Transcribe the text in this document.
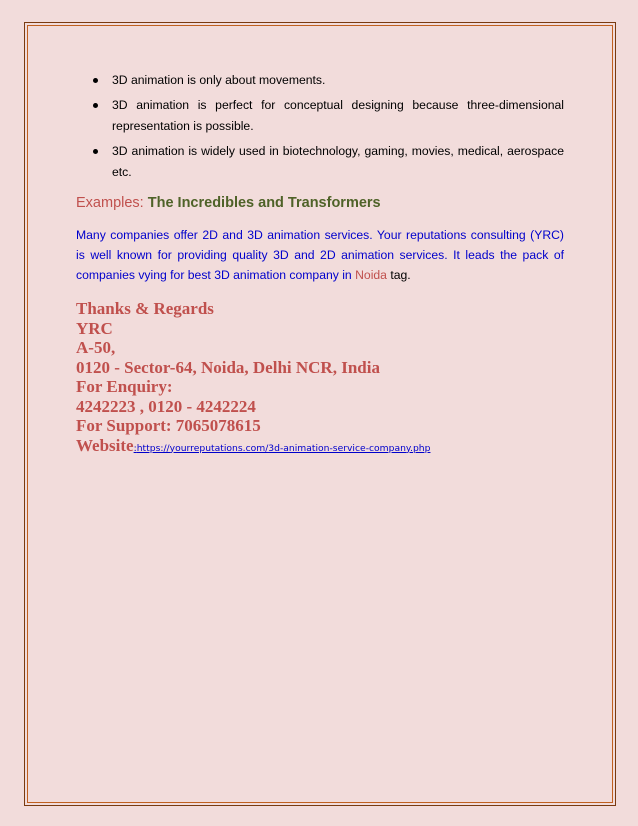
3D animation is only about movements.
3D animation is perfect for conceptual designing because three-dimensional representation is possible.
3D animation is widely used in biotechnology, gaming, movies, medical, aerospace etc.
Examples: The Incredibles and Transformers
Many companies offer 2D and 3D animation services. Your reputations consulting (YRC) is well known for providing quality 3D and 2D animation services. It leads the pack of companies vying for best 3D animation company in Noida tag.
Thanks & Regards
YRC
A-50,
0120 - Sector-64, Noida, Delhi NCR, India
For Enquiry:
4242223 , 0120 - 4242224
For Support: 7065078615
Website:https://yourreputations.com/3d-animation-service-company.php
